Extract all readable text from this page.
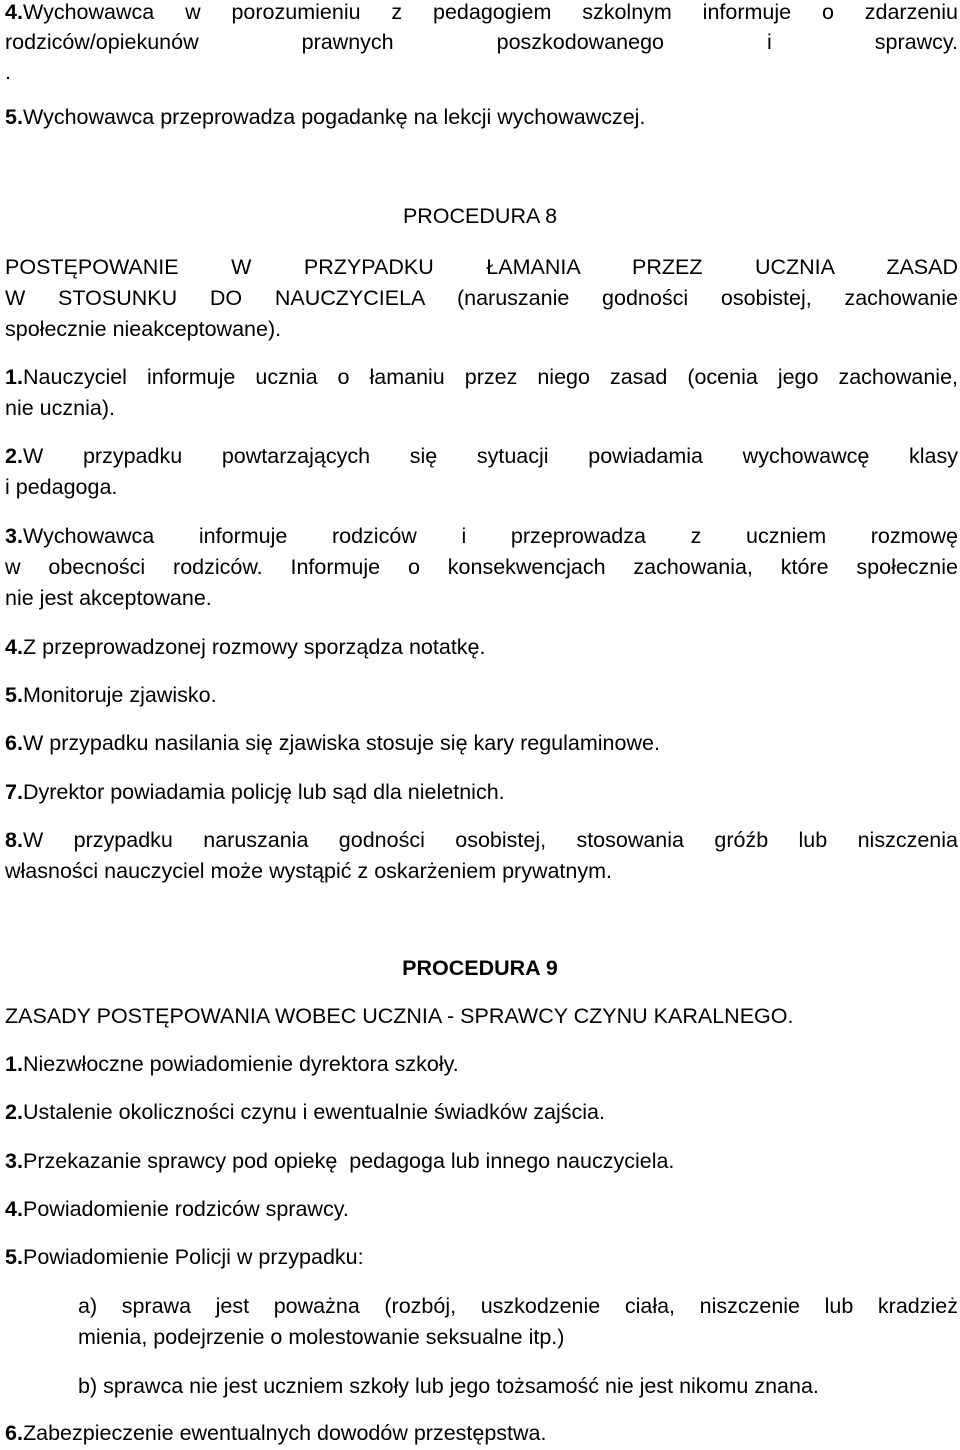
4.Wychowawca w porozumieniu z pedagogiem szkolnym informuje o zdarzeniu
rodziców/opiekunów prawnych poszkodowanego i sprawcy.
.
5.Wychowawca przeprowadza pogadankę na lekcji wychowawczej.
PROCEDURA 8
POSTĘPOWANIE W PRZYPADKU ŁAMANIA PRZEZ UCZNIA ZASAD
W STOSUNKU DO NAUCZYCIELA (naruszanie godności osobistej, zachowanie
społecznie nieakceptowane).
1.Nauczyciel informuje ucznia o łamaniu przez niego zasad (ocenia jego zachowanie,
nie ucznia).
2.W przypadku powtarzających się sytuacji powiadamia wychowawcę klasy
i pedagoga.
3.Wychowawca informuje rodziców i przeprowadza z uczniem rozmowę
w obecności rodziców. Informuje o konsekwencjach zachowania, które społecznie
nie jest akceptowane.
4.Z przeprowadzonej rozmowy sporządza notatkę.
5.Monitoruje zjawisko.
6.W przypadku nasilania się zjawiska stosuje się kary regulaminowe.
7.Dyrektor powiadamia policję lub sąd dla nieletnich.
8.W przypadku naruszania godności osobistej, stosowania gróźb lub niszczenia
własności nauczyciel może wystąpić z oskarżeniem prywatnym.
PROCEDURA 9
ZASADY POSTĘPOWANIA WOBEC UCZNIA - SPRAWCY CZYNU KARALNEGO.
1.Niezwłoczne powiadomienie dyrektora szkoły.
2.Ustalenie okoliczności czynu i ewentualnie świadków zajścia.
3.Przekazanie sprawcy pod opiekę  pedagoga lub innego nauczyciela.
4.Powiadomienie rodziców sprawcy.
5.Powiadomienie Policji w przypadku:
a) sprawa jest poważna (rozbój, uszkodzenie ciała, niszczenie lub kradzież
mienia, podejrzenie o molestowanie seksualne itp.)
b) sprawca nie jest uczniem szkoły lub jego tożsamość nie jest nikomu znana.
6.Zabezpieczenie ewentualnych dowodów przestępstwa.
